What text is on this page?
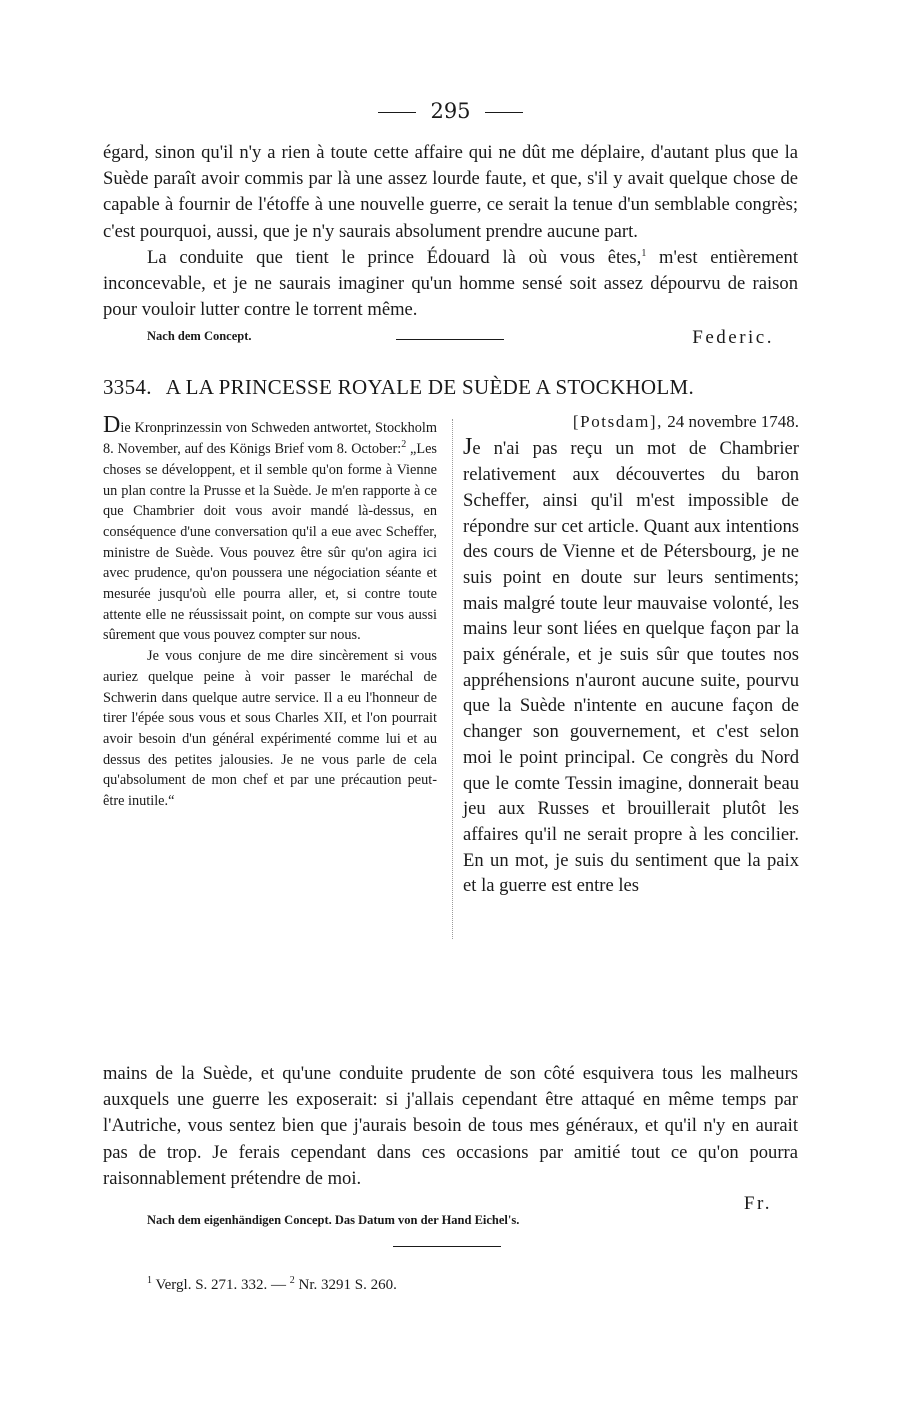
295

égard, sinon qu'il n'y a rien à toute cette affaire qui ne dût me déplaire, d'autant plus que la Suède paraît avoir commis par là une assez lourde faute, et que, s'il y avait quelque chose de capable à fournir de l'étoffe à une nouvelle guerre, ce serait la tenue d'un semblable congrès; c'est pourquoi, aussi, que je n'y saurais absolument prendre aucune part.

La conduite que tient le prince Édouard là où vous êtes,$^1$ m'est entièrement inconcevable, et je ne saurais imaginer qu'un homme sensé soit assez dépourvu de raison pour vouloir lutter contre le torrent même.

Nach dem Concept.	Federic.
3354. A LA PRINCESSE ROYALE DE SUÈDE A STOCKHOLM.

Die Kronprinzessin von Schweden antwortet, Stockholm 8. November, auf des Königs Brief vom 8. October:$^2$ „Les choses se développent, et il semble qu'on forme à Vienne un plan contre la Prusse et la Suède. Je m'en rapporte à ce que Chambrier doit vous avoir mandé là-dessus, en conséquence d'une conversation qu'il a eue avec Scheffer, ministre de Suède. Vous pouvez être sûr qu'on agira ici avec prudence, qu'on poussera une négociation séante et mesurée jusqu'où elle pourra aller, et, si contre toute attente elle ne réussissait point, on compte sur vous aussi sûrement que vous pouvez compter sur nous.

Je vous conjure de me dire sincèrement si vous auriez quelque peine à voir passer le maréchal de Schwerin dans quelque autre service. Il a eu l'honneur de tirer l'épée sous vous et sous Charles XII, et l'on pourrait avoir besoin d'un général expérimenté comme lui et au dessus des petites jalousies. Je ne vous parle de cela qu'absolument de mon chef et par une précaution peut-être inutile.“

[Potsdam], 24 novembre 1748.

Je n'ai pas reçu un mot de Chambrier relativement aux découvertes du baron Scheffer, ainsi qu'il m'est impossible de répondre sur cet article. Quant aux intentions des cours de Vienne et de Pétersbourg, je ne suis point en doute sur leurs sentiments; mais malgré toute leur mauvaise volonté, les mains leur sont liées en quelque façon par la paix générale, et je suis sûr que toutes nos appréhensions n'auront aucune suite, pourvu que la Suède n'intente en aucune façon de changer son gouvernement, et c'est selon moi le point principal. Ce congrès du Nord que le comte Tessin imagine, donnerait beau jeu aux Russes et brouillerait plutôt les affaires qu'il ne serait propre à les concilier. En un mot, je suis du sentiment que la paix et la guerre est entre les

mains de la Suède, et qu'une conduite prudente de son côté esquivera tous les malheurs auxquels une guerre les exposerait: si j'allais cependant être attaqué en même temps par l'Autriche, vous sentez bien que j'aurais besoin de tous mes généraux, et qu'il n'y en aurait pas de trop. Je ferais cependant dans ces occasions par amitié tout ce qu'on pourra raisonnablement prétendre de moi.

Fr.
Nach dem eigenhändigen Concept. Das Datum von der Hand Eichel's.
$^1$ Vergl. S. 271. 332. — $^2$ Nr. 3291 S. 260.
